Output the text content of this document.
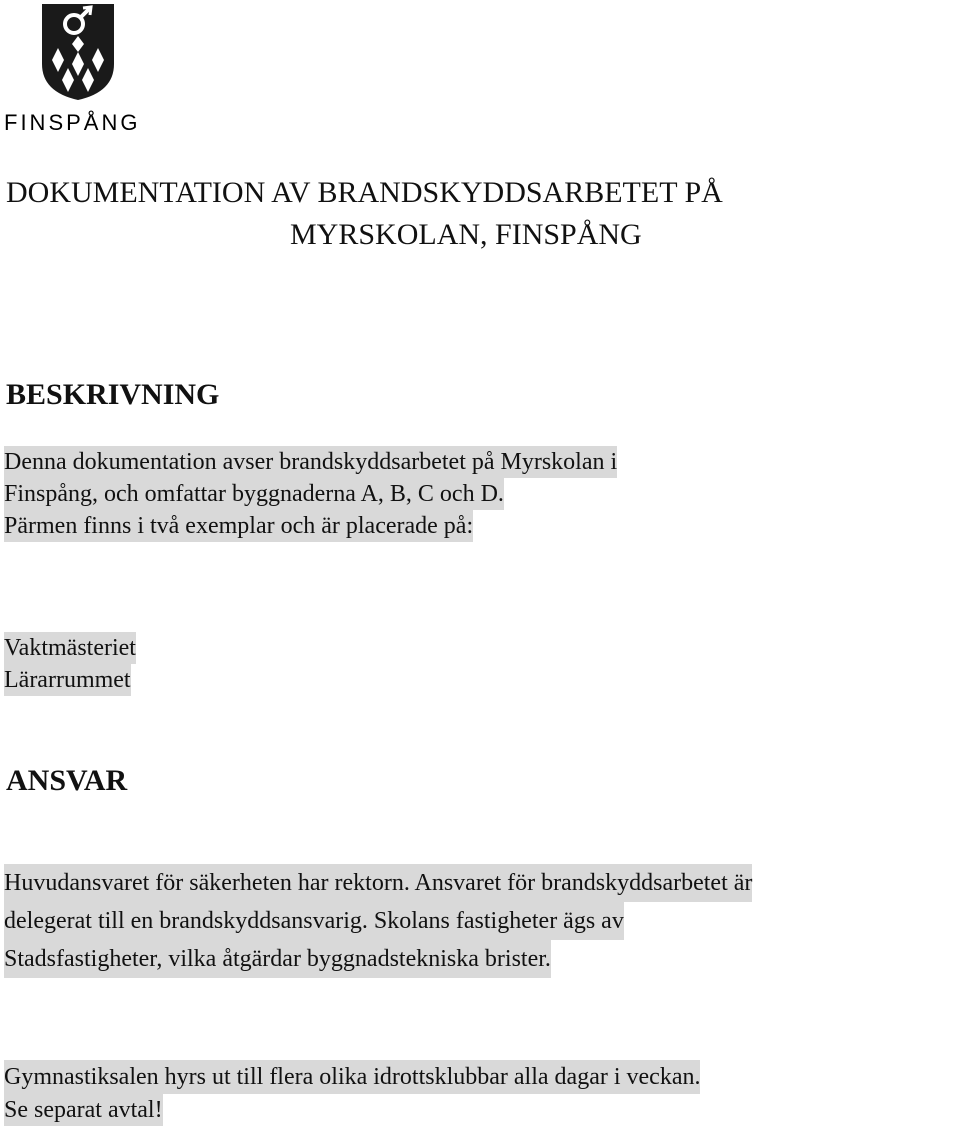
FINSPÅNG
DOKUMENTATION AV BRANDSKYDDSARBETET PÅ
MYRSKOLAN, FINSPÅNG
BESKRIVNING
Denna dokumentation avser brandskyddsarbetet på Myrskolan i
Finspång, och omfattar byggnaderna A, B, C och D.
Pärmen finns i två exemplar och är placerade på:
Vaktmästeriet
Lärarrummet
ANSVAR
Huvudansvaret för säkerheten har rektorn. Ansvaret för brandskyddsarbetet är
delegerat till en brandskyddsansvarig. Skolans fastigheter ägs av
Stadsfastigheter, vilka åtgärdar byggnadstekniska brister.
Gymnastiksalen hyrs ut till flera olika idrottsklubbar alla dagar i veckan.
Se separat avtal!
